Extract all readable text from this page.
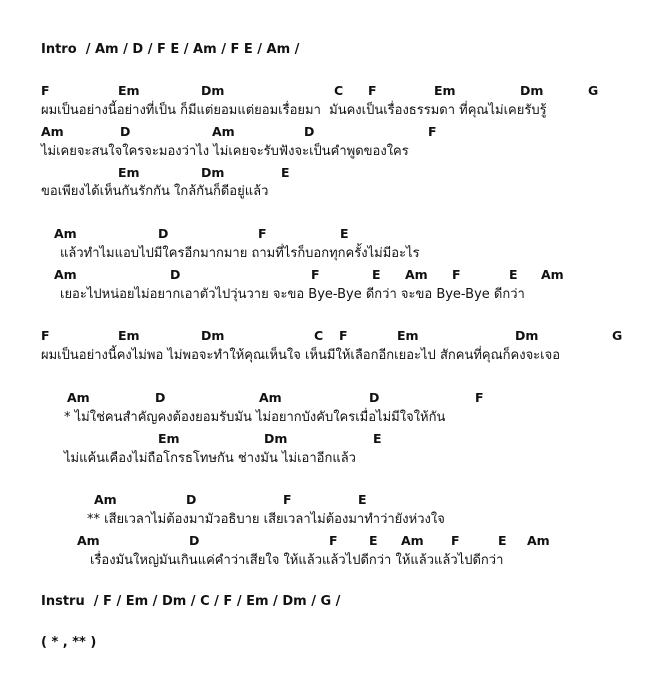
Intro  / Am / D / F E / Am / F E / Am /
F	Em	Dm	C F	Em	Dm	G
ผมเป็นอย่างนี้อย่างที่เป็น ก็มีแต่ยอมแต่ยอมเรื่อยมา  มันคงเป็นเรื่องธรรมดา ที่คุณไม่เคยรับรู้
Am	D	Am	D	F
ไม่เคยจะสนใจใครจะมองว่าไง ไม่เคยจะรับฟังจะเป็นคำพูดของใคร
Em	Dm	E
ขอเพียงได้เห็นกันรักกัน ใกล้กันก็ดีอยู่แล้ว
Am	D	F	E
แล้วทำไมแอบไปมีใครอีกมากมาย ถามที่ไรก็บอกทุกครั้งไม่มีอะไร
Am	D	F	E Am F	E Am
เยอะไปหน่อยไม่อยากเอาตัวไปวุ่นวาย จะขอ Bye-Bye ดีกว่า จะขอ Bye-Bye ดีกว่า
F	Em	Dm	C F	Em	Dm	G
ผมเป็นอย่างนี้คงไม่พอ ไม่พอจะทำให้คุณเห็นใจ เห็นมีให้เลือกอีกเยอะไป สักคนที่คุณก็คงจะเจอ
Am	D	Am	D	F
* ไม่ใช่คนสำคัญคงต้องยอมรับมัน ไม่อยากบังคับใครเมื่อไม่มีใจให้กัน
Em	Dm	E
ไม่แค้นเคืองไม่ถือโกรธโทษกัน ช่างมัน ไม่เอาอีกแล้ว
Am	D	F	E
** เสียเวลาไม่ต้องมามัวอธิบาย เสียเวลาไม่ต้องมาทำว่ายังห่วงใจ
Am	D	F	E Am F	E Am
เรื่องมันใหญ่มันเกินแค่คำว่าเสียใจ ให้แล้วแล้วไปดีกว่า ให้แล้วแล้วไปดีกว่า
Instru  / F / Em / Dm / C / F / Em / Dm / G /
( * , ** )
